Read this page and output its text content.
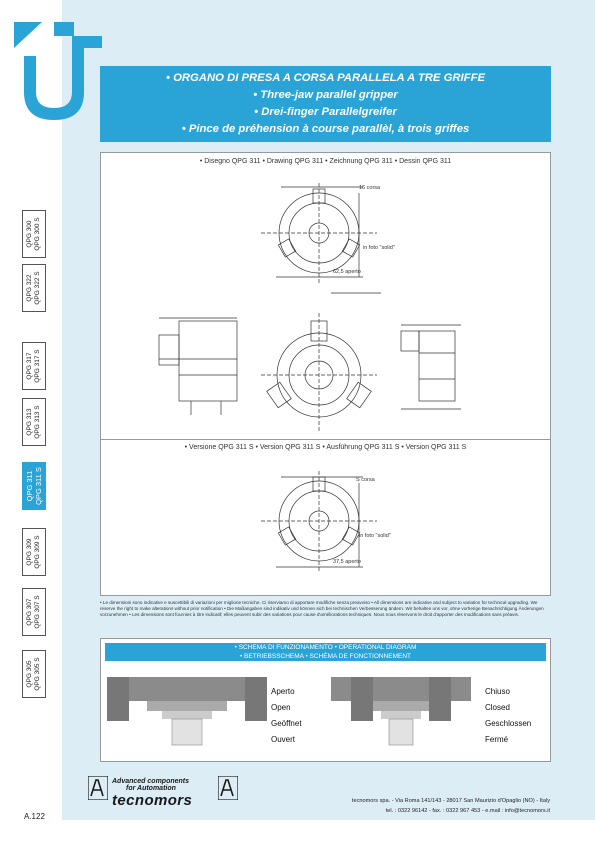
• ORGANO DI PRESA A CORSA PARALLELA A TRE GRIFFE
• Three-jaw parallel gripper
• Drei-finger Parallelgreifer
• Pince de préhension à course parallèl, à trois griffes
QPG 300
QPG 300 S
QPG 322
QPG 322 S
QPG 317
QPG 317 S
QPG 313
QPG 313 S
QPG 311
QPG 311 S
QPG 309
QPG 309 S
QPG 307
QPG 307 S
QPG 305
QPG 305 S
• Disegno QPG 311 • Drawing QPG 311 • Zeichnung QPG 311 • Dessin QPG 311
• Versione QPG 311 S • Version QPG 311 S • Ausführung QPG 311 S • Version QPG 311 S
in foto "solid"
62,5 aperto
16 corsa
in foto "solid"
37,5 aperto
S corsa
• Le dimensioni sono indicative e suscettibili di variazioni per migliorie tecniche. Ci riserviamo di apportare modifiche senza preavviso • All dimensions are indicative and subject to variation for technical upgrading. We reserve the right to make alterations without prior notification • Die Maßangaben sind indikativ und können sich bei technischen Verbesserung ändern. Wir behalten uns vor, ohne vorherige Benachrichtigung Änderungen vorzunehmen • Les dimensions sont fournies à titre indicatif; elles peuvent subir des variations pour cause d'améliorations techniques. Nous nous réservons le droit d'apporter des modifications sans préavis.
• SCHEMA DI FUNZIONAMENTO • OPERATIONAL DIAGRAM
• BETRIEBSSCHEMA • SCHÉMA DE FONCTIONNEMENT
Aperto
Open
Geöffnet
Ouvert
Chiuso
Closed
Geschlossen
Fermé
Advanced components
for Automation
tecnomors	tecnomors spa. - Via Roma 141/143 - 28017 San Maurizio d'Opaglio (NO) - Italy
tel. : 0322 96142 - fax. : 0322 967 453 - e.mail : info@tecnomors.it
A.122
